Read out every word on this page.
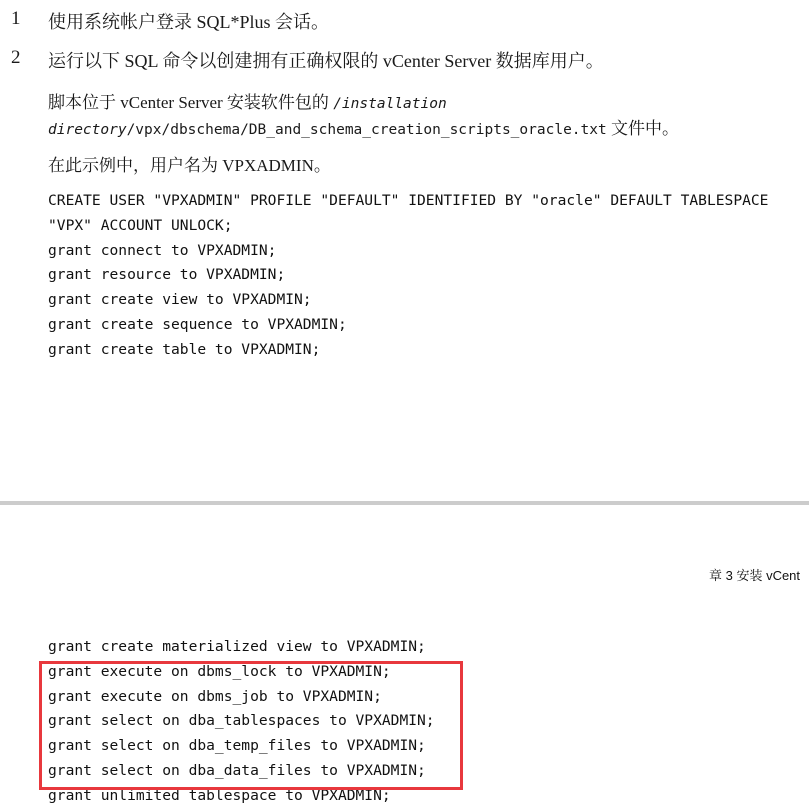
1 使用系统帐户登录 SQL*Plus 会话。
2 运行以下 SQL 命令以创建拥有正确权限的 vCenter Server 数据库用户。
脚本位于 vCenter Server 安装软件包的 /installation
directory/vpx/dbschema/DB_and_schema_creation_scripts_oracle.txt 文件中。
在此示例中，用户名为 VPXADMIN。
CREATE USER "VPXADMIN" PROFILE "DEFAULT" IDENTIFIED BY "oracle" DEFAULT TABLESPACE
"VPX" ACCOUNT UNLOCK;
grant connect to VPXADMIN;
grant resource to VPXADMIN;
grant create view to VPXADMIN;
grant create sequence to VPXADMIN;
grant create table to VPXADMIN;
章 3 安装 vCent
grant create materialized view to VPXADMIN;
grant execute on dbms_lock to VPXADMIN;
grant execute on dbms_job to VPXADMIN;
grant select on dba_tablespaces to VPXADMIN;
grant select on dba_temp_files to VPXADMIN;
grant select on dba_data_files to VPXADMIN;
grant unlimited tablespace to VPXADMIN;
